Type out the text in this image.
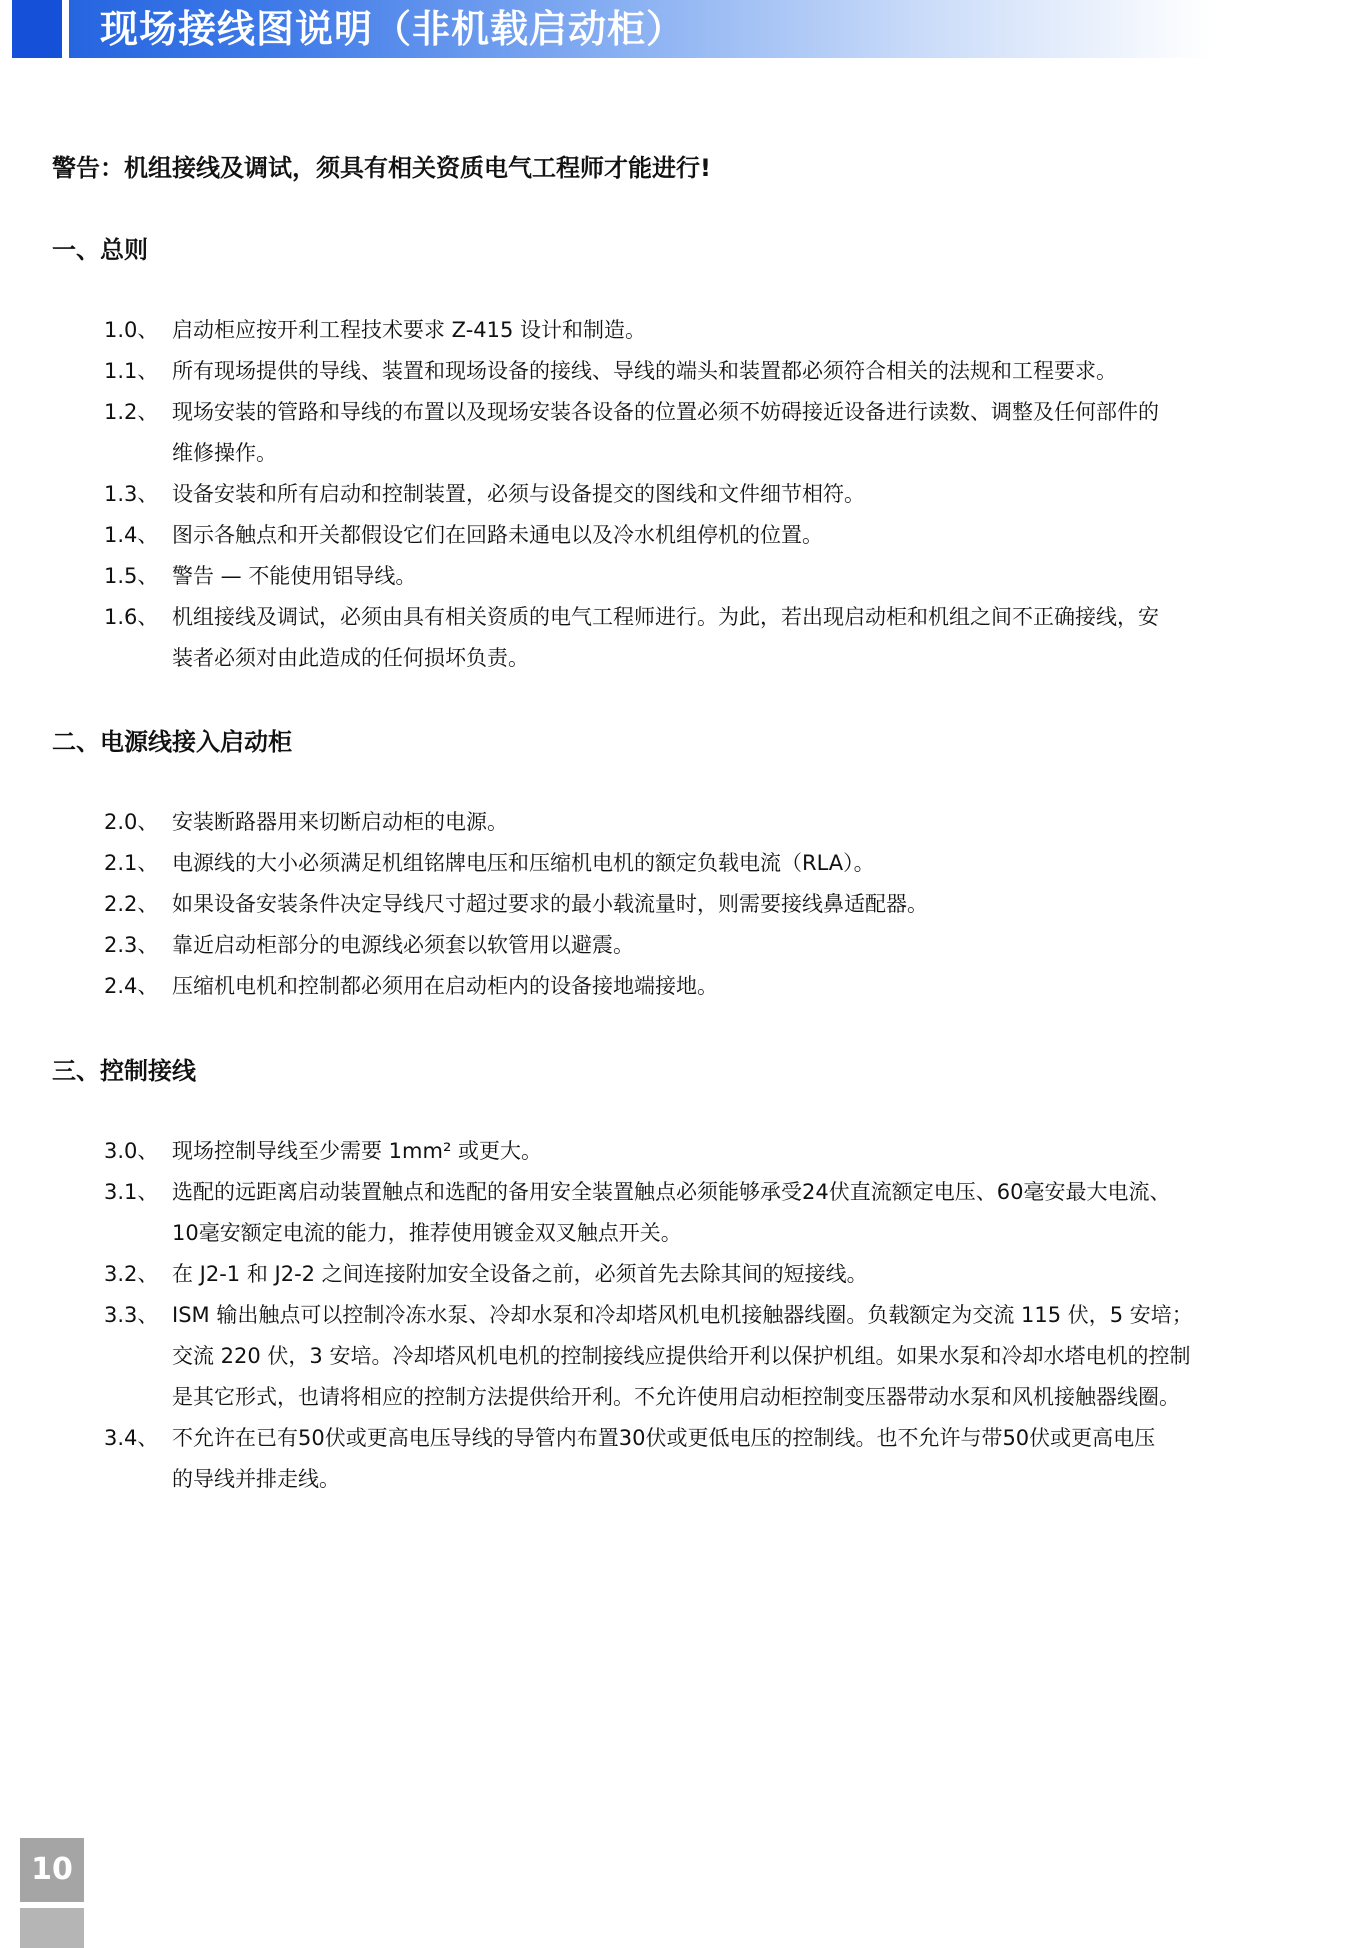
现场接线图说明（非机载启动柜）
警告：机组接线及调试，须具有相关资质电气工程师才能进行!
一、总则
1.0、 启动柜应按开利工程技术要求 Z-415 设计和制造。
1.1、 所有现场提供的导线、装置和现场设备的接线、导线的端头和装置都必须符合相关的法规和工程要求。
1.2、 现场安装的管路和导线的布置以及现场安装各设备的位置必须不妨碍接近设备进行读数、调整及任何部件的
维修操作。
1.3、 设备安装和所有启动和控制装置，必须与设备提交的图线和文件细节相符。
1.4、 图示各触点和开关都假设它们在回路未通电以及冷水机组停机的位置。
1.5、 警告 — 不能使用铝导线。
1.6、 机组接线及调试，必须由具有相关资质的电气工程师进行。为此，若出现启动柜和机组之间不正确接线，安
装者必须对由此造成的任何损坏负责。
二、电源线接入启动柜
2.0、 安装断路器用来切断启动柜的电源。
2.1、 电源线的大小必须满足机组铭牌电压和压缩机电机的额定负载电流（RLA）。
2.2、 如果设备安装条件决定导线尺寸超过要求的最小载流量时，则需要接线鼻适配器。
2.3、 靠近启动柜部分的电源线必须套以软管用以避震。
2.4、 压缩机电机和控制都必须用在启动柜内的设备接地端接地。
三、控制接线
3.0、 现场控制导线至少需要 1mm² 或更大。
3.1、 选配的远距离启动装置触点和选配的备用安全装置触点必须能够承受24伏直流额定电压、60毫安最大电流、
10毫安额定电流的能力，推荐使用镀金双叉触点开关。
3.2、 在 J2-1 和 J2-2 之间连接附加安全设备之前，必须首先去除其间的短接线。
3.3、 ISM 输出触点可以控制冷冻水泵、冷却水泵和冷却塔风机电机接触器线圈。负载额定为交流 115 伏，5 安培；
交流 220 伏，3 安培。冷却塔风机电机的控制接线应提供给开利以保护机组。如果水泵和冷却水塔电机的控制
是其它形式，也请将相应的控制方法提供给开利。不允许使用启动柜控制变压器带动水泵和风机接触器线圈。
3.4、 不允许在已有50伏或更高电压导线的导管内布置30伏或更低电压的控制线。也不允许与带50伏或更高电压
的导线并排走线。
10
